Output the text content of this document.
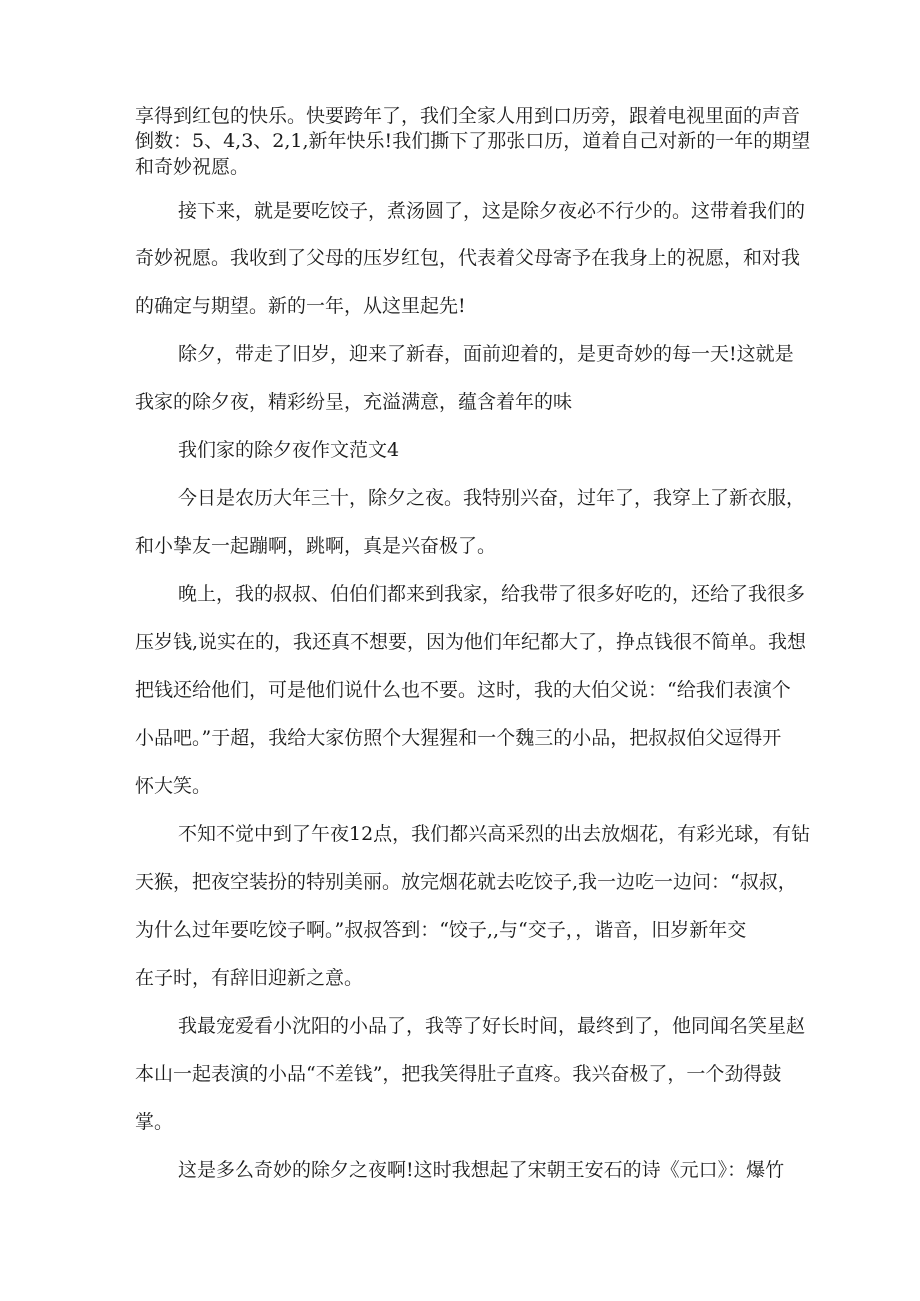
享得到红包的快乐。快要跨年了，我们全家人用到口历旁，跟着电视里面的声音
倒数：5、4,3、2,1,新年快乐!我们撕下了那张口历，道着自己对新的一年的期望
和奇妙祝愿。
接下来，就是要吃饺子，煮汤圆了，这是除夕夜必不行少的。这带着我们的
奇妙祝愿。我收到了父母的压岁红包，代表着父母寄予在我身上的祝愿，和对我
的确定与期望。新的一年，从这里起先!
除夕，带走了旧岁，迎来了新春，面前迎着的，是更奇妙的每一天!这就是
我家的除夕夜，精彩纷呈，充溢满意，蕴含着年的味
我们家的除夕夜作文范文4
今日是农历大年三十，除夕之夜。我特别兴奋，过年了，我穿上了新衣服，
和小挚友一起蹦啊，跳啊，真是兴奋极了。
晚上，我的叔叔、伯伯们都来到我家，给我带了很多好吃的，还给了我很多
压岁钱,说实在的，我还真不想要，因为他们年纪都大了，挣点钱很不简单。我想
把钱还给他们，可是他们说什么也不要。这时，我的大伯父说：“给我们表演个
小品吧。”于超，我给大家仿照个大猩猩和一个魏三的小品，把叔叔伯父逗得开
怀大笑。
不知不觉中到了午夜12点，我们都兴高采烈的出去放烟花，有彩光球，有钻
天猴，把夜空装扮的特别美丽。放完烟花就去吃饺子,我一边吃一边问：“叔叔，
为什么过年要吃饺子啊。”叔叔答到：“饺子,,与“交子，，谐音，旧岁新年交
在子时，有辞旧迎新之意。
我最宠爱看小沈阳的小品了，我等了好长时间，最终到了，他同闻名笑星赵
本山一起表演的小品“不差钱”，把我笑得肚子直疼。我兴奋极了，一个劲得鼓
掌。
这是多么奇妙的除夕之夜啊!这时我想起了宋朝王安石的诗《元口》：爆竹
